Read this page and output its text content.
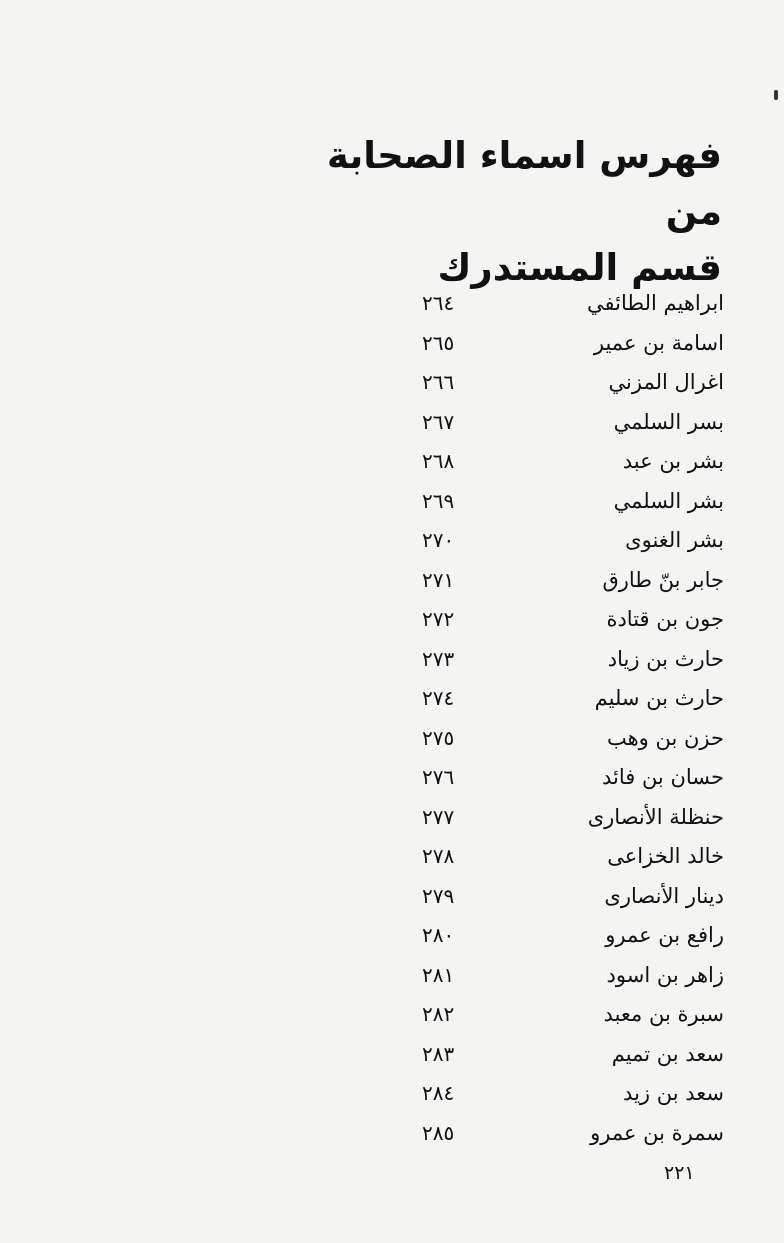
فهرس اسماء الصحابة من
قسم المستدرك
ابراهيم الطائفي
٢٦٤
اسامة بن عمير
٢٦٥
اغرال المزني
٢٦٦
بسر السلمي
٢٦٧
بشر بن عبد
٢٦٨
بشر السلمي
٢٦٩
بشر الغنوى
٢٧٠
جابر بنّ طارق
٢٧١
جون بن قتادة
٢٧٢
حارث بن زياد
٢٧٣
حارث بن سليم
٢٧٤
حزن بن وهب
٢٧٥
حسان بن فائد
٢٧٦
حنظلة الأنصارى
٢٧٧
خالد الخزاعى
٢٧٨
دينار الأنصارى
٢٧٩
رافع بن عمرو
٢٨٠
زاهر بن اسود
٢٨١
سبرة بن معبد
٢٨٢
سعد بن تميم
٢٨٣
سعد بن زيد
٢٨٤
سمرة بن عمرو
٢٨٥
٢٢١
